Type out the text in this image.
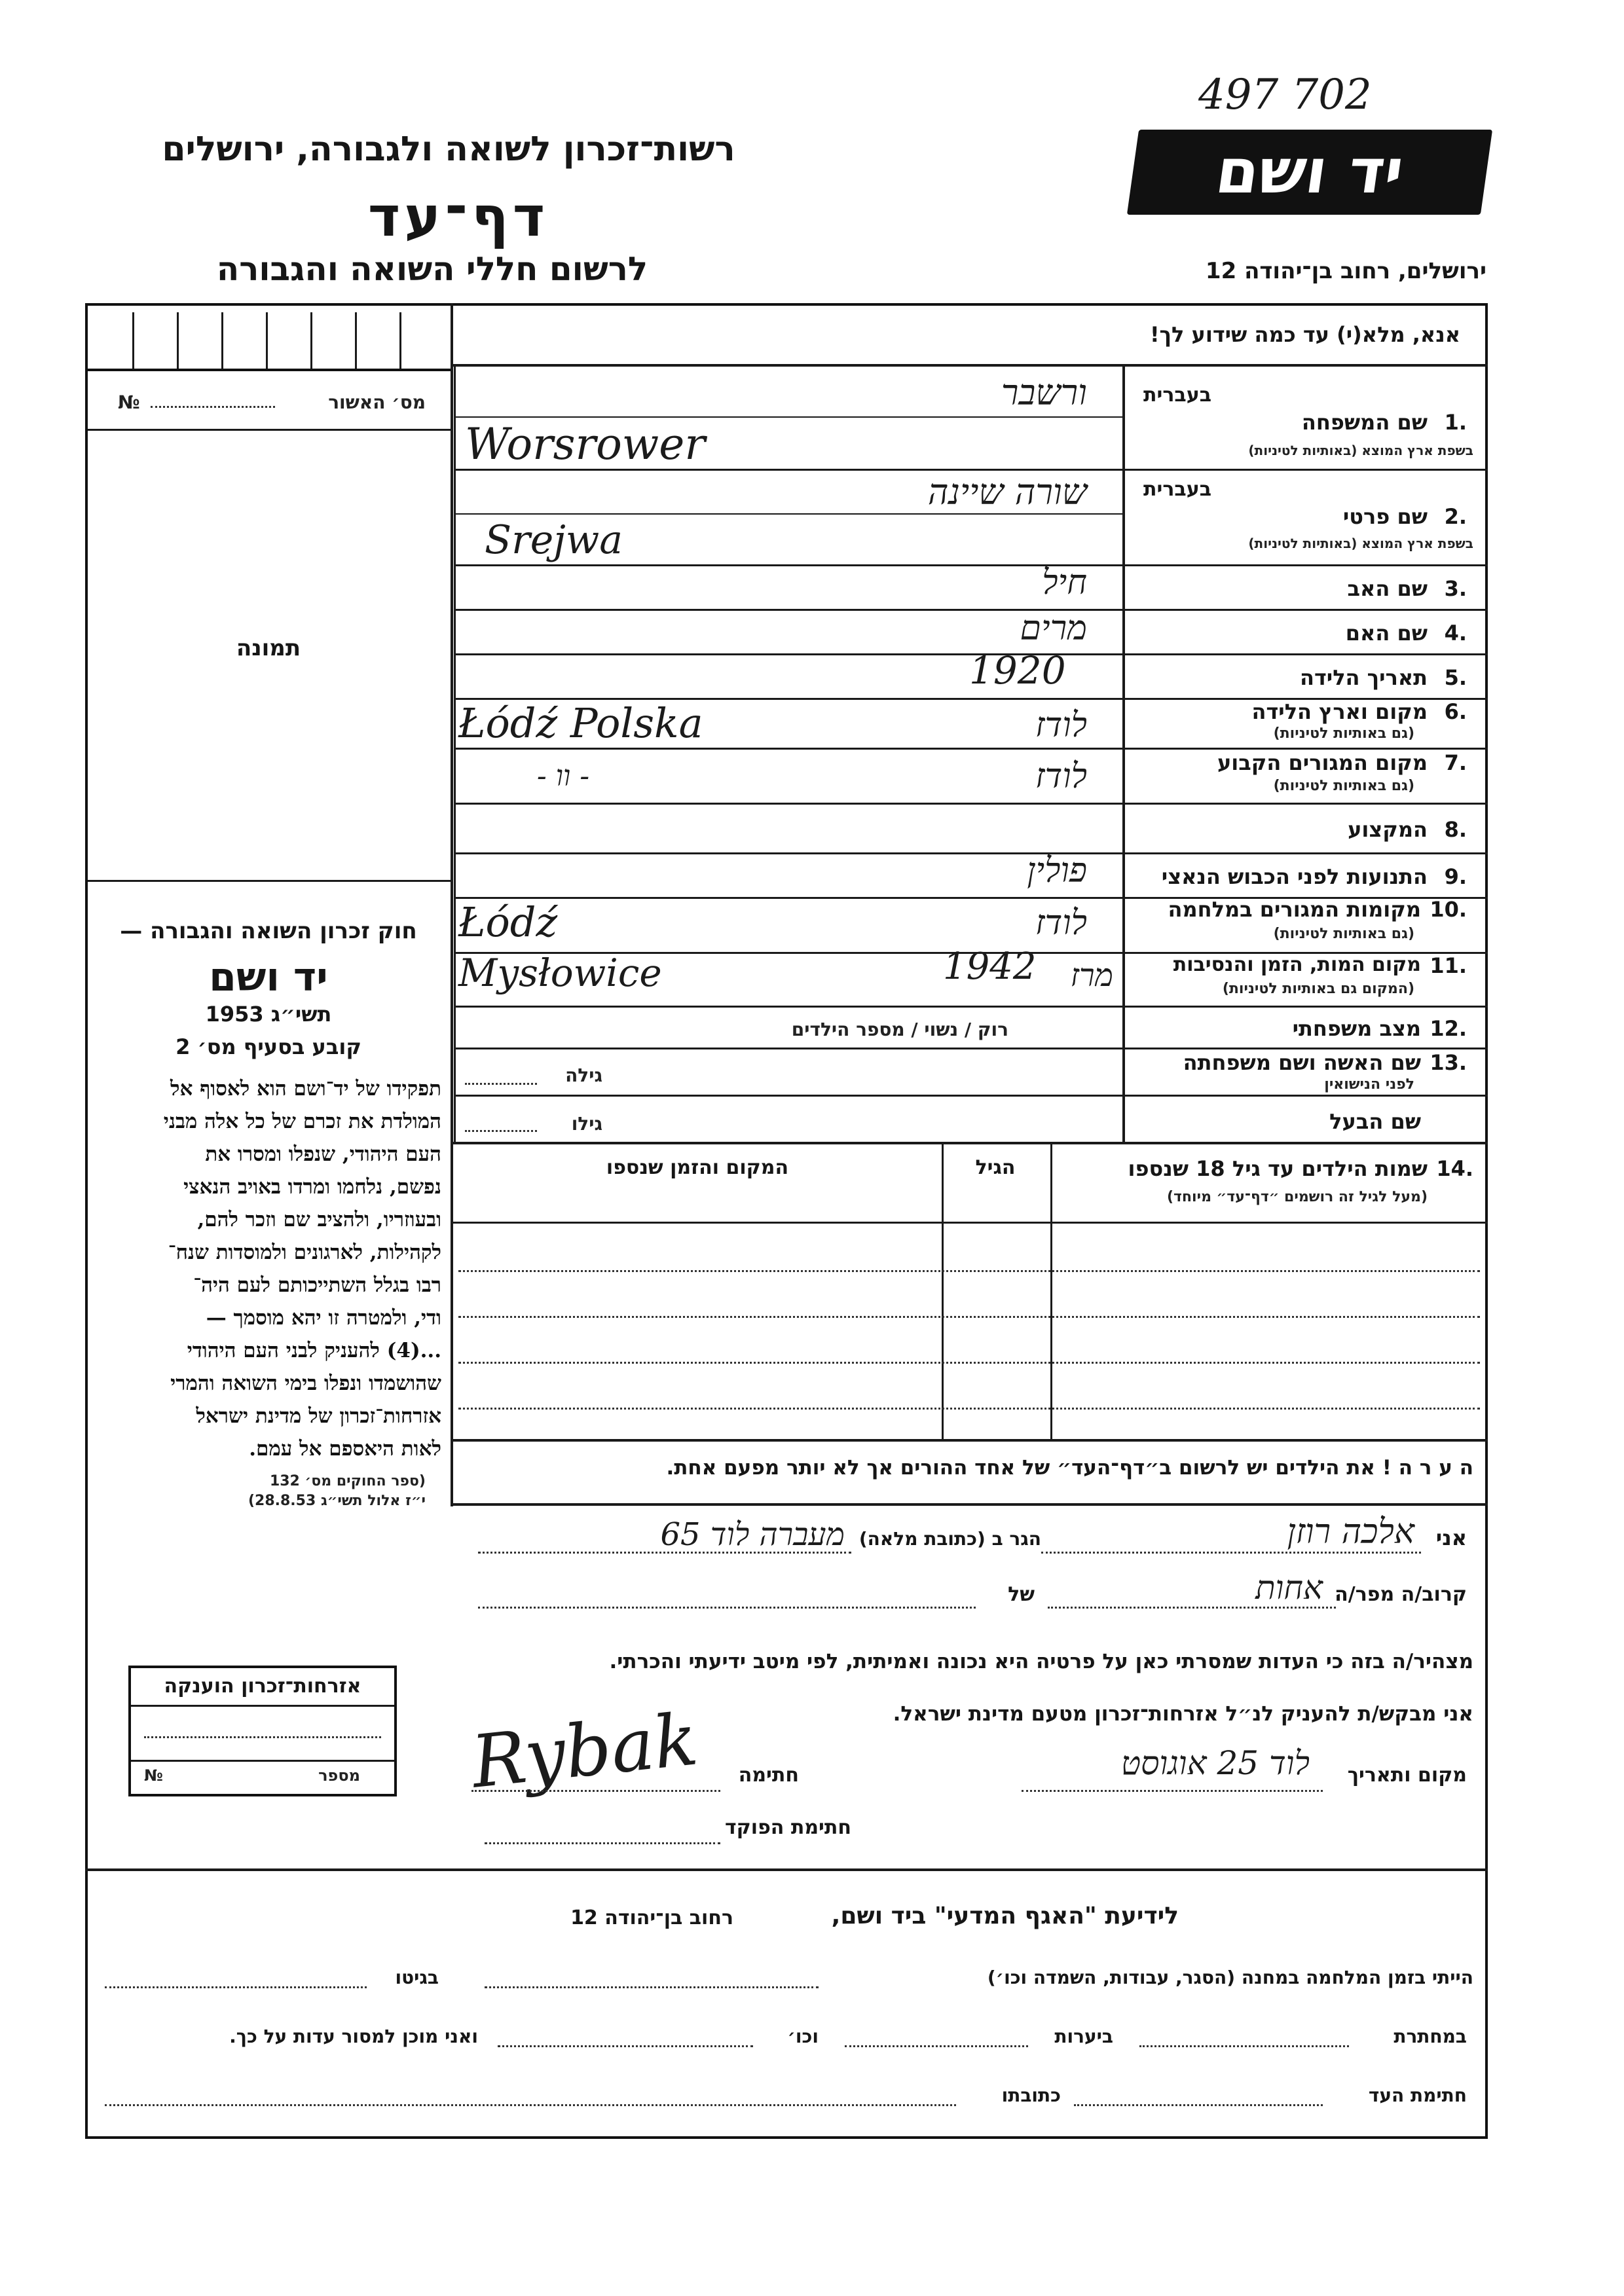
497 702
רשות־זכרון לשואה ולגבורה, ירושלים
דף־עד
לרשום חללי השואה והגבורה
יד ושם
ירושלים, רחוב בן־יהודה 12
מס׳ האשור
№
תמונה
חוק זכרון השואה והגבורה —
יד ושם
תשי״ג 1953
קובע בסעיף מס׳ 2
תפקידו של יד־ושם הוא לאסוף אל
המולדת את זכרם של כל אלה מבני
העם היהודי, שנפלו ומסרו את
נפשם, נלחמו ומרדו באויב הנאצי
ובעוזריו, ולהציב שם וזכר להם,
לקהילות, לארגונים ולמוסדות שנח־
רבו בגלל השתייכותם לעם היה־
ודי, ולמטרה זו יהא מוסמך —
...(4) להעניק לבני העם היהודי
שהושמדו ונפלו בימי השואה והמרי
אזרחות־זכרון של מדינת ישראל
לאות היאספם אל עמם.
(ספר החוקים מס׳ 132
י״ז אלול תשי״ג 28.8.53)
אנא, מלא(י) עד כמה שידוע לך!
בעברית
1.
שם המשפחה
בשפת ארץ המוצא (באותיות לטיניות)
ורשבר
Worsrower
בעברית
2.
שם פרטי
בשפת ארץ המוצא (באותיות לטיניות)
שורה שיינה
Srejwa
3.
שם האב
חיל
4.
שם האם
מרים
5.
תאריך הלידה
1920
6.
מקום וארץ הלידה
(גם באותיות לטיניות)
Łódź Polska	לודז
7.
מקום המגורים הקבוע
(גם באותיות לטיניות)
- וו -	לודז
8.
המקצוע
9.
התנועות לפני הכבוש הנאצי
פולין
10.
מקומות המגורים במלחמה
(גם באותיות לטיניות)
Łódź	לודז
11.
מקום המות, הזמן והנסיבות
(המקום גם באותיות לטיניות)
Mysłowice	1942	מרז
12.
מצב משפחתי
רוק / נשוי / מספר הילדים
13.
שם האשה ושם משפחתה
לפני הנישואין
גילה
שם הבעל
גילו
14.
שמות הילדים עד גיל 18 שנספו
(מעל לגיל זה רושמים ״דף־עד״ מיוחד)
הגיל
המקום והזמן שנספו
ה ע ר ה ! את הילדים יש לרשום ב״דף־העד״ של אחד ההורים אך לא יותר מפעם אחת.
אני
אלכה רוזן
הגר ב (כתובת מלאה)
מעברה לוד 65
קרוב/ה מפר/ה
אחות
של
מצהיר/ה בזה כי העדות שמסרתי כאן על פרטיה היא נכונה ואמיתית, לפי מיטב ידיעתי והכרתי.
אני מבקש/ת להעניק לנ״ל אזרחות־זכרון מטעם מדינת ישראל.
מקום ותאריך
לוד 25 אוגוסט
חתימה
Rybak
חתימת הפוקד
אזרחות־זכרון הוענקה
מספר
№
לידיעת "האגף המדעי" ביד ושם,
רחוב בן־יהודה 12
הייתי בזמן המלחמה במחנה (הסגר, עבודות, השמדה וכו׳)
בגיטו
במחתרת
ביערות
וכו׳
ואני מוכן למסור עדות על כך.
חתימת העד
כתובתו
